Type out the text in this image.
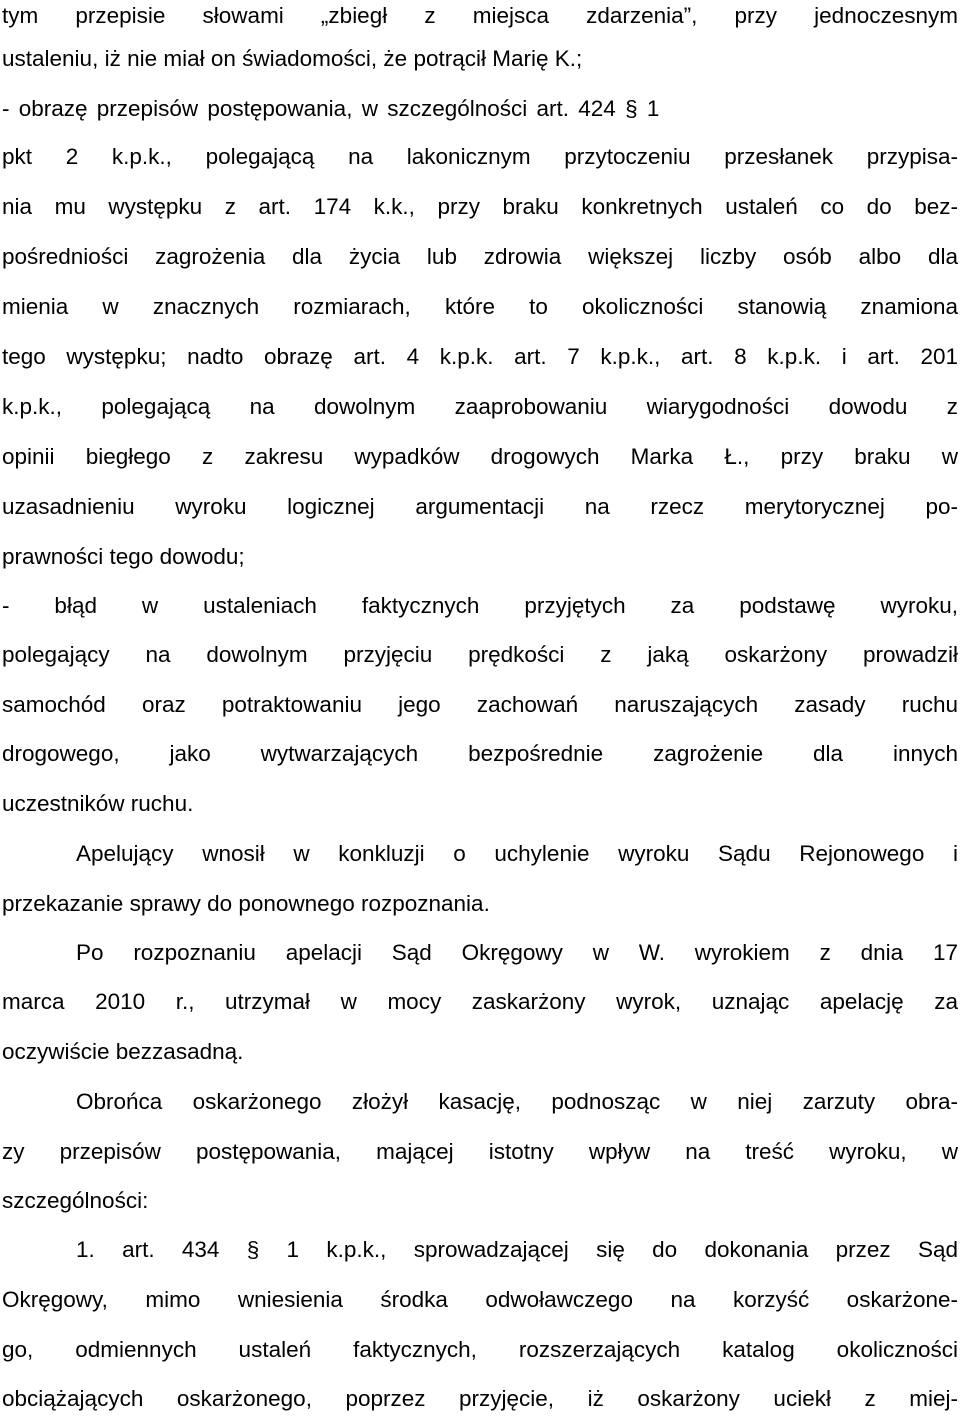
tym przepisie słowami „zbiegł z miejsca zdarzenia”, przy jednoczesnym
ustaleniu, iż nie miał on świadomości, że potrącił Marię K.;
- obrazę przepisów postępowania, w szczególności art. 424 § 1
pkt 2 k.p.k., polegającą na lakonicznym przytoczeniu przesłanek przypisa-
nia mu występku z art. 174 k.k., przy braku konkretnych ustaleń co do bez-
pośredniości zagrożenia dla życia lub zdrowia większej liczby osób albo dla
mienia w znacznych rozmiarach, które to okoliczności stanowią znamiona
tego występku; nadto obrazę art. 4 k.p.k. art. 7 k.p.k., art. 8 k.p.k. i art. 201
k.p.k., polegającą na dowolnym zaaprobowaniu wiarygodności dowodu z
opinii biegłego z zakresu wypadków drogowych Marka Ł., przy braku w
uzasadnieniu wyroku logicznej argumentacji na rzecz merytorycznej po-
prawności tego dowodu;
- błąd w ustaleniach faktycznych przyjętych za podstawę wyroku,
polegający na dowolnym przyjęciu prędkości z jaką oskarżony prowadził
samochód oraz potraktowaniu jego zachowań naruszających zasady ruchu
drogowego, jako wytwarzających bezpośrednie zagrożenie dla innych
uczestników ruchu.
Apelujący wnosił w konkluzji o uchylenie wyroku Sądu Rejonowego i
przekazanie sprawy do ponownego rozpoznania.
Po rozpoznaniu apelacji Sąd Okręgowy w W. wyrokiem z dnia 17
marca 2010 r., utrzymał w mocy zaskarżony wyrok, uznając apelację za
oczywiście bezzasadną.
Obrońca oskarżonego złożył kasację, podnosząc w niej zarzuty obra-
zy przepisów postępowania, mającej istotny wpływ na treść wyroku, w
szczególności:
1. art. 434 § 1 k.p.k., sprowadzającej się do dokonania przez Sąd
Okręgowy, mimo wniesienia środka odwoławczego na korzyść oskarżone-
go, odmiennych ustaleń faktycznych, rozszerzających katalog okoliczności
obciążających oskarżonego, poprzez przyjęcie, iż oskarżony uciekł z miej-
